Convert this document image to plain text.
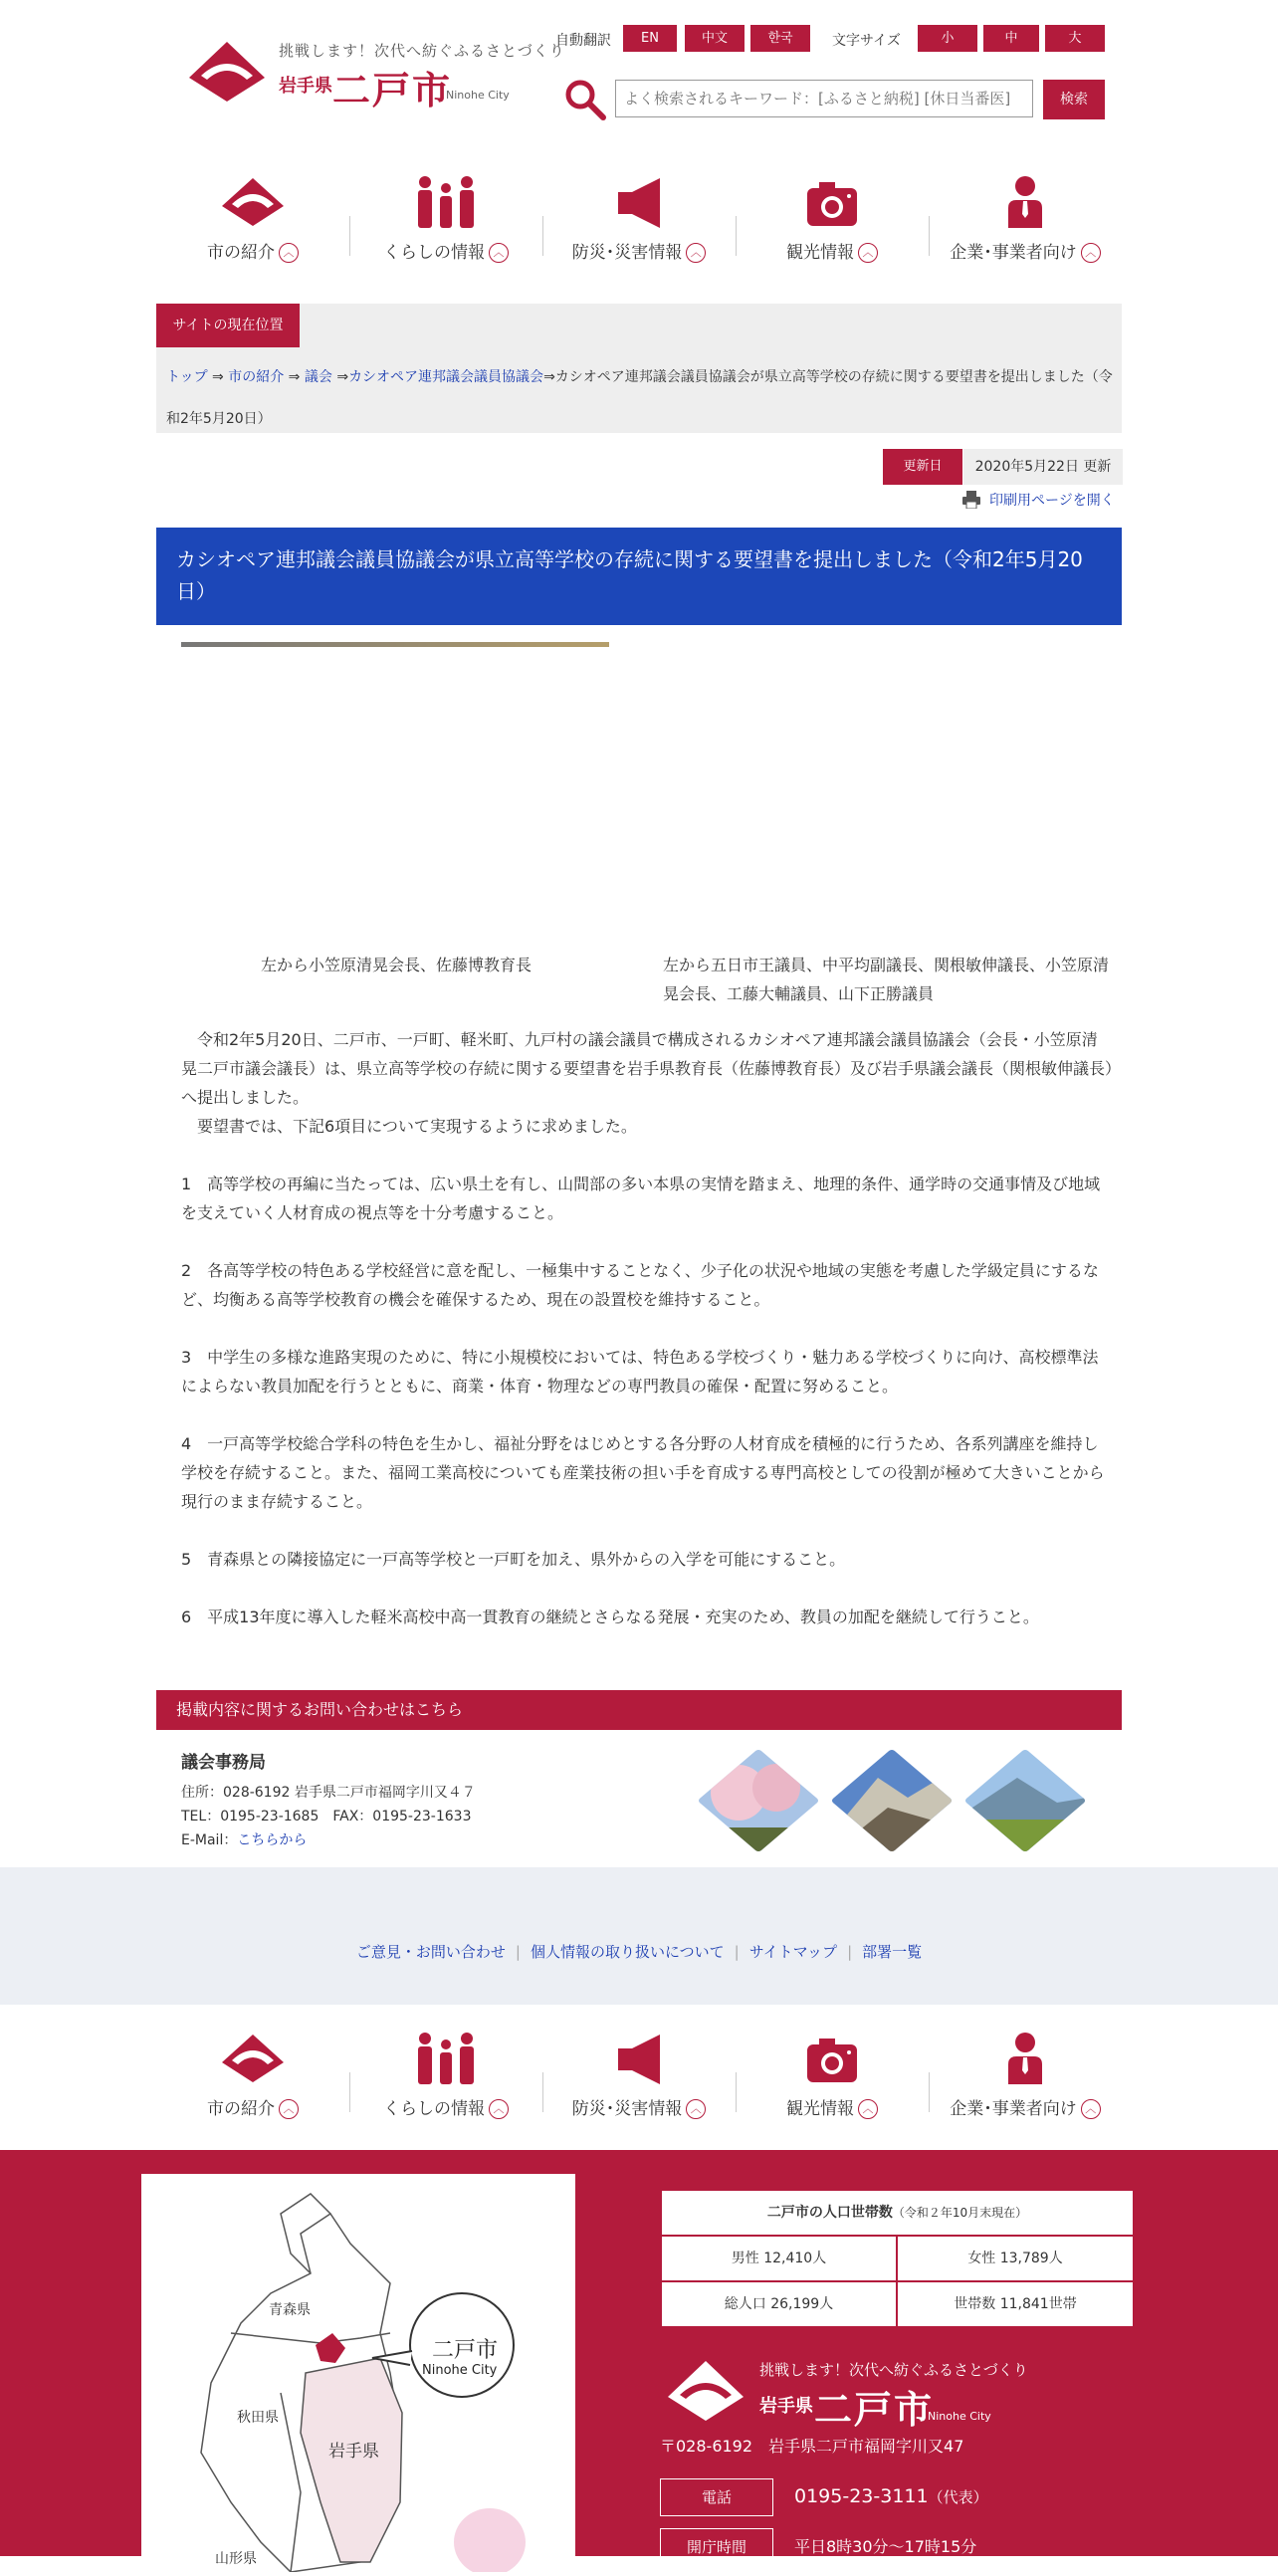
挑戦します！次代へ紡ぐふるさとづくり
岩手県 二戸市
Ninohe City
自動翻訳	EN	中文	한국	文字サイズ	小	中	大
よく検索されるキーワード：[ふるさと納税] [休日当番医]
検索
市の紹介 ︿	くらしの情報 ︿	防災･災害情報 ︿	観光情報 ︿	企業･事業者向け ︿
サイトの現在位置
トップ ⇒ 市の紹介 ⇒ 議会 ⇒カシオペア連邦議会議員協議会⇒カシオペア連邦議会議員協議会が県立高等学校の存続に関する要望書を提出しました（令和2年5月20日）
更新日	2020年5月22日 更新
印刷用ページを開く
カシオペア連邦議会議員協議会が県立高等学校の存続に関する要望書を提出しました（令和2年5月20日）
左から小笠原清晃会長、佐藤博教育長	左から五日市王議員、中平均副議長、関根敏伸議長、小笠原清晃会長、工藤大輔議員、山下正勝議員

　令和2年5月20日、二戸市、一戸町、軽米町、九戸村の議会議員で構成されるカシオペア連邦議会議員協議会（会長・小笠原清晃二戸市議会議長）は、県立高等学校の存続に関する要望書を岩手県教育長（佐藤博教育長）及び岩手県議会議長（関根敏伸議長）へ提出しました。

　要望書では、下記6項目について実現するように求めました。

1　高等学校の再編に当たっては、広い県土を有し、山間部の多い本県の実情を踏まえ、地理的条件、通学時の交通事情及び地域を支えていく人材育成の視点等を十分考慮すること。

2　各高等学校の特色ある学校経営に意を配し、一極集中することなく、少子化の状況や地域の実態を考慮した学級定員にするなど、均衡ある高等学校教育の機会を確保するため、現在の設置校を維持すること。

3　中学生の多様な進路実現のために、特に小規模校においては、特色ある学校づくり・魅力ある学校づくりに向け、高校標準法によらない教員加配を行うとともに、商業・体育・物理などの専門教員の確保・配置に努めること。

4　一戸高等学校総合学科の特色を生かし、福祉分野をはじめとする各分野の人材育成を積極的に行うため、各系列講座を維持し学校を存続すること。また、福岡工業高校についても産業技術の担い手を育成する専門高校としての役割が極めて大きいことから現行のまま存続すること。

5　青森県との隣接協定に一戸高等学校と一戸町を加え、県外からの入学を可能にすること。

6　平成13年度に導入した軽米高校中高一貫教育の継続とさらなる発展・充実のため、教員の加配を継続して行うこと。

掲載内容に関するお問い合わせはこちら
議会事務局
住所：028-6192 岩手県二戸市福岡字川又４７
TEL：0195-23-1685　FAX：0195-23-1633
E-Mail：こちらから
ご意見・お問い合わせ | 個人情報の取り扱いについて | サイトマップ | 部署一覧
市の紹介 ︿	くらしの情報 ︿	防災･災害情報 ︿	観光情報 ︿	企業･事業者向け ︿
青森県
秋田県
岩手県
山形県
二戸市
Ninohe City
二戸市の人口世帯数（令和２年10月末現在）
男性 12,410人	女性 13,789人
総人口 26,199人	世帯数 11,841世帯
挑戦します！次代へ紡ぐふるさとづくり
岩手県 二戸市
Ninohe City
〒028-6192　岩手県二戸市福岡字川又47
電話	0195-23-3111（代表）
開庁時間	平日8時30分～17時15分
